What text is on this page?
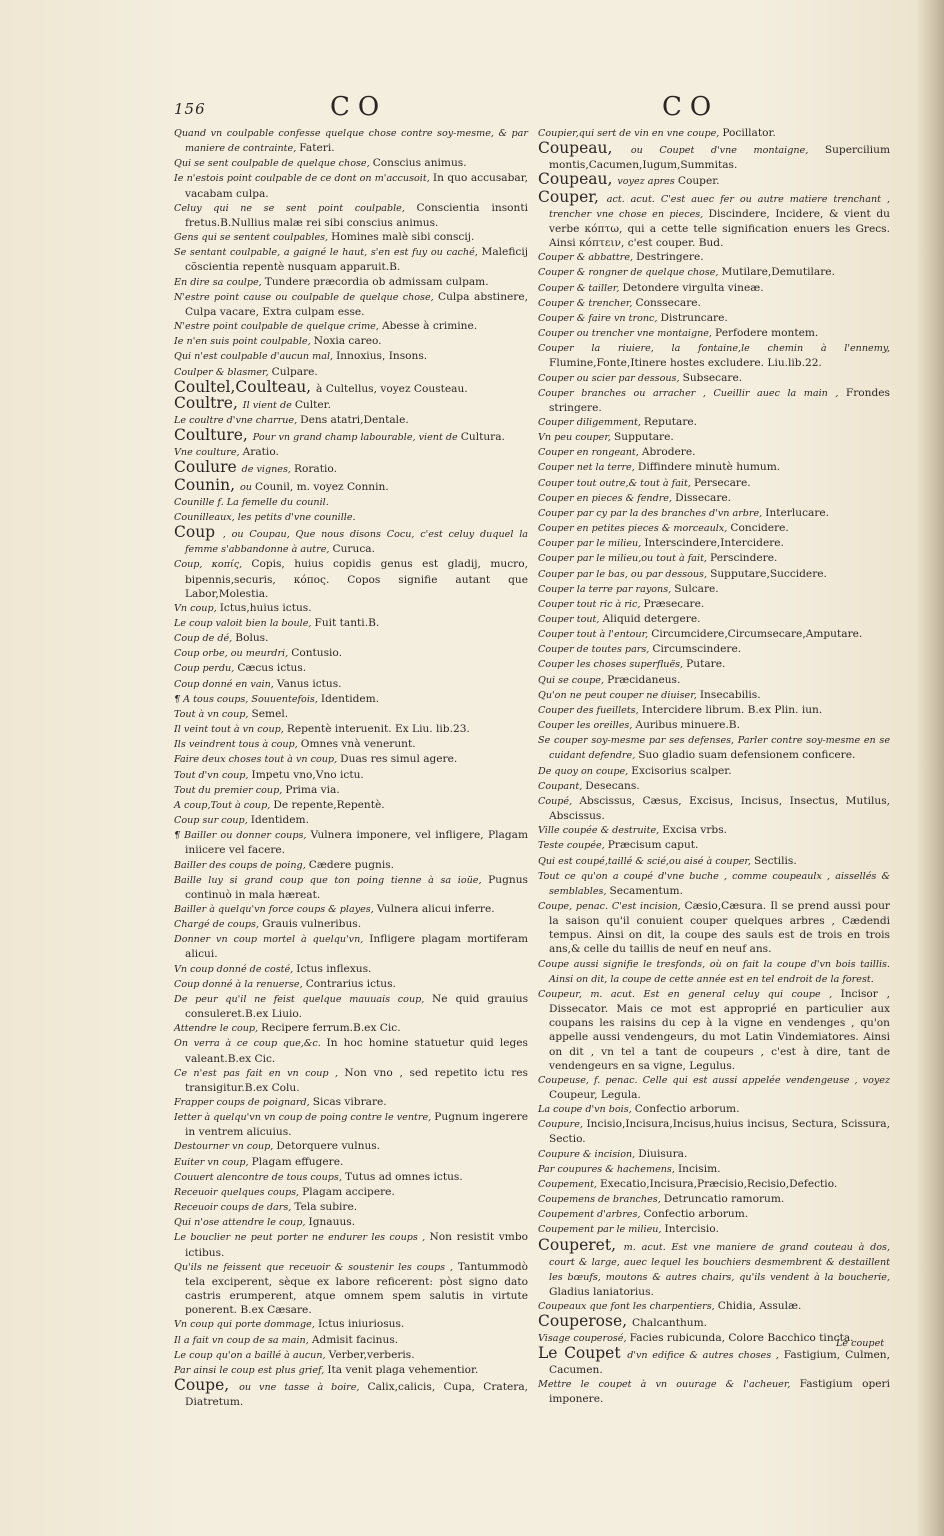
156	CO	CO

Quand vn coulpable confesse quelque chose contre soy-mesme, & par maniere de contrainte, Fateri.

Qui se sent coulpable de quelque chose, Conscius animus.

Ie n'estois point coulpable de ce dont on m'accusoit, In quo accusabar, vacabam culpa.

Celuy qui ne se sent point coulpable, Conscientia insonti fretus.B.Nullius malæ rei sibi conscius animus.

Gens qui se sentent coulpables, Homines malè sibi conscij.

Se sentant coulpable, a gaigné le haut, s'en est fuy ou caché, Maleficij cõscientia repentè nusquam apparuit.B.

En dire sa coulpe, Tundere præcordia ob admissam culpam.

N'estre point cause ou coulpable de quelque chose, Culpa abstinere, Culpa vacare, Extra culpam esse.

N'estre point coulpable de quelque crime, Abesse à crimine.

Ie n'en suis point coulpable, Noxia careo.

Qui n'est coulpable d'aucun mal, Innoxius, Insons.

Coulper & blasmer, Culpare.

Coultel,Coulteau, à Cultellus, voyez Cousteau.

Coultre, Il vient de Culter.

Le coultre d'vne charrue, Dens atatri,Dentale.

Coulture, Pour vn grand champ labourable, vient de Cultura.

Vne coulture, Aratio.

Coulure de vignes, Roratio.

Counin, ou Counil, m. voyez Connin.

Counille f. La femelle du counil.

Counilleaux, les petits d'vne counille.

Coup , ou Coupau, Que nous disons Cocu, c'est celuy duquel la femme s'abbandonne à autre, Curuca.

Coup, κοπίς, Copis, huius copidis genus est gladij, mucro, bipennis,securis, κόπος. Copos signifie autant que Labor,Molestia.

Vn coup, Ictus,huius ictus.

Le coup valoit bien la boule, Fuit tanti.B.

Coup de dé, Bolus.

Coup orbe, ou meurdri, Contusio.

Coup perdu, Cæcus ictus.

Coup donné en vain, Vanus ictus.

¶ A tous coups, Souuentefois, Identidem.

Tout à vn coup, Semel.

Il veint tout à vn coup, Repentè interuenit. Ex Liu. lib.23.

Ils veindrent tous à coup, Omnes vnà venerunt.

Faire deux choses tout à vn coup, Duas res simul agere.

Tout d'vn coup, Impetu vno,Vno ictu.

Tout du premier coup, Prima via.

A coup,Tout à coup, De repente,Repentè.

Coup sur coup, Identidem.

¶ Bailler ou donner coups, Vulnera imponere, vel infligere, Plagam iniicere vel facere.

Bailler des coups de poing, Cædere pugnis.

Baille luy si grand coup que ton poing tienne à sa ioüe, Pugnus continuò in mala hæreat.

Bailler à quelqu'vn force coups & playes, Vulnera alicui inferre.

Chargé de coups, Grauis vulneribus.

Donner vn coup mortel à quelqu'vn, Infligere plagam mortiferam alicui.

Vn coup donné de costé, Ictus inflexus.

Coup donné à la renuerse, Contrarius ictus.

De peur qu'il ne feist quelque mauuais coup, Ne quid grauius consuleret.B.ex Liuio.

Attendre le coup, Recipere ferrum.B.ex Cic.

On verra à ce coup que,&c. In hoc homine statuetur quid leges valeant.B.ex Cic.

Ce n'est pas fait en vn coup , Non vno , sed repetito ictu res transigitur.B.ex Colu.

Frapper coups de poignard, Sicas vibrare.

Ietter à quelqu'vn vn coup de poing contre le ventre, Pugnum ingerere in ventrem alicuius.

Destourner vn coup, Detorquere vulnus.

Euiter vn coup, Plagam effugere.

Couuert alencontre de tous coups, Tutus ad omnes ictus.

Receuoir quelques coups, Plagam accipere.

Receuoir coups de dars, Tela subire.

Qui n'ose attendre le coup, Ignauus.

Le bouclier ne peut porter ne endurer les coups , Non resistit vmbo ictibus.

Qu'ils ne feissent que receuoir & soustenir les coups , Tantummodò tela exciperent, sèque ex labore reficerent: pòst signo dato castris erumperent, atque omnem spem salutis in virtute ponerent. B.ex Cæsare.

Vn coup qui porte dommage, Ictus iniuriosus.

Il a fait vn coup de sa main, Admisit facinus.

Le coup qu'on a baillé à aucun, Verber,verberis.

Par ainsi le coup est plus grief, Ita venit plaga vehementior.

Coupe, ou vne tasse à boire, Calix,calicis, Cupa, Cratera, Diatretum.

Coupier,qui sert de vin en vne coupe, Pocillator.

Coupeau, ou Coupet d'vne montaigne, Supercilium montis,Cacumen,Iugum,Summitas.

Coupeau, voyez apres Couper.

Couper, act. acut. C'est auec fer ou autre matiere trenchant , trencher vne chose en pieces, Discindere, Incidere, & vient du verbe κόπτω, qui a cette telle signification enuers les Grecs. Ainsi κόπτειν, c'est couper. Bud.

Couper & abbattre, Destringere.

Couper & rongner de quelque chose, Mutilare,Demutilare.

Couper & tailler, Detondere virgulta vineæ.

Couper & trencher, Conssecare.

Couper & faire vn tronc, Distruncare.

Couper ou trencher vne montaigne, Perfodere montem.

Couper la riuiere, la fontaine,le chemin à l'ennemy, Flumine,Fonte,Itinere hostes excludere. Liu.lib.22.

Couper ou scier par dessous, Subsecare.

Couper branches ou arracher , Cueillir auec la main , Frondes stringere.

Couper diligemment, Reputare.

Vn peu couper, Supputare.

Couper en rongeant, Abrodere.

Couper net la terre, Diffindere minutè humum.

Couper tout outre,& tout à fait, Persecare.

Couper en pieces & fendre, Dissecare.

Couper par cy par la des branches d'vn arbre, Interlucare.

Couper en petites pieces & morceaulx, Concidere.

Couper par le milieu, Interscindere,Intercidere.

Couper par le milieu,ou tout à fait, Perscindere.

Couper par le bas, ou par dessous, Supputare,Succidere.

Couper la terre par rayons, Sulcare.

Couper tout ric à ric, Præsecare.

Couper tout, Aliquid detergere.

Couper tout à l'entour, Circumcidere,Circumsecare,Amputare.

Couper de toutes pars, Circumscindere.

Couper les choses superfluës, Putare.

Qui se coupe, Præcidaneus.

Qu'on ne peut couper ne diuiser, Insecabilis.

Couper des fueillets, Intercidere librum. B.ex Plin. iun.

Couper les oreilles, Auribus minuere.B.

Se couper soy-mesme par ses defenses, Parler contre soy-mesme en se cuidant defendre, Suo gladio suam defensionem conficere.

De quoy on coupe, Excisorius scalper.

Coupant, Desecans.

Coupé, Abscissus, Cæsus, Excisus, Incisus, Insectus, Mutilus, Abscissus.

Ville coupée & destruite, Excisa vrbs.

Teste coupée, Præcisum caput.

Qui est coupé,taillé & scié,ou aisé à couper, Sectilis.

Tout ce qu'on a coupé d'vne buche , comme coupeaulx , aissellés & semblables, Secamentum.

Coupe, penac. C'est incision, Cæsio,Cæsura. Il se prend aussi pour la saison qu'il conuient couper quelques arbres , Cædendi tempus. Ainsi on dit, la coupe des sauls est de trois en trois ans,& celle du taillis de neuf en neuf ans.

Coupe aussi signifie le tresfonds, où on fait la coupe d'vn bois taillis. Ainsi on dit, la coupe de cette année est en tel endroit de la forest.

Coupeur, m. acut. Est en general celuy qui coupe , Incisor , Dissecator. Mais ce mot est approprié en particulier aux coupans les raisins du cep à la vigne en vendenges , qu'on appelle aussi vendengeurs, du mot Latin Vindemiatores. Ainsi on dit , vn tel a tant de coupeurs , c'est à dire, tant de vendengeurs en sa vigne, Legulus.

Coupeuse, f. penac. Celle qui est aussi appelée vendengeuse , voyez Coupeur, Legula.

La coupe d'vn bois, Confectio arborum.

Coupure, Incisio,Incisura,Incisus,huius incisus, Sectura, Scissura, Sectio.

Coupure & incision, Diuisura.

Par coupures & hachemens, Incisim.

Coupement, Execatio,Incisura,Præcisio,Recisio,Defectio.

Coupemens de branches, Detruncatio ramorum.

Coupement d'arbres, Confectio arborum.

Coupement par le milieu, Intercisio.

Couperet, m. acut. Est vne maniere de grand couteau à dos, court & large, auec lequel les bouchiers desmembrent & destaillent les bœufs, moutons & autres chairs, qu'ils vendent à la boucherie, Gladius laniatorius.

Coupeaux que font les charpentiers, Chidia, Assulæ.

Couperose, Chalcanthum.

Visage couperosé, Facies rubicunda, Colore Bacchico tincta.

Le Coupet d'vn edifice & autres choses , Fastigium, Culmen, Cacumen.

Mettre le coupet à vn ouurage & l'acheuer, Fastigium operi imponere.

Le coupet
